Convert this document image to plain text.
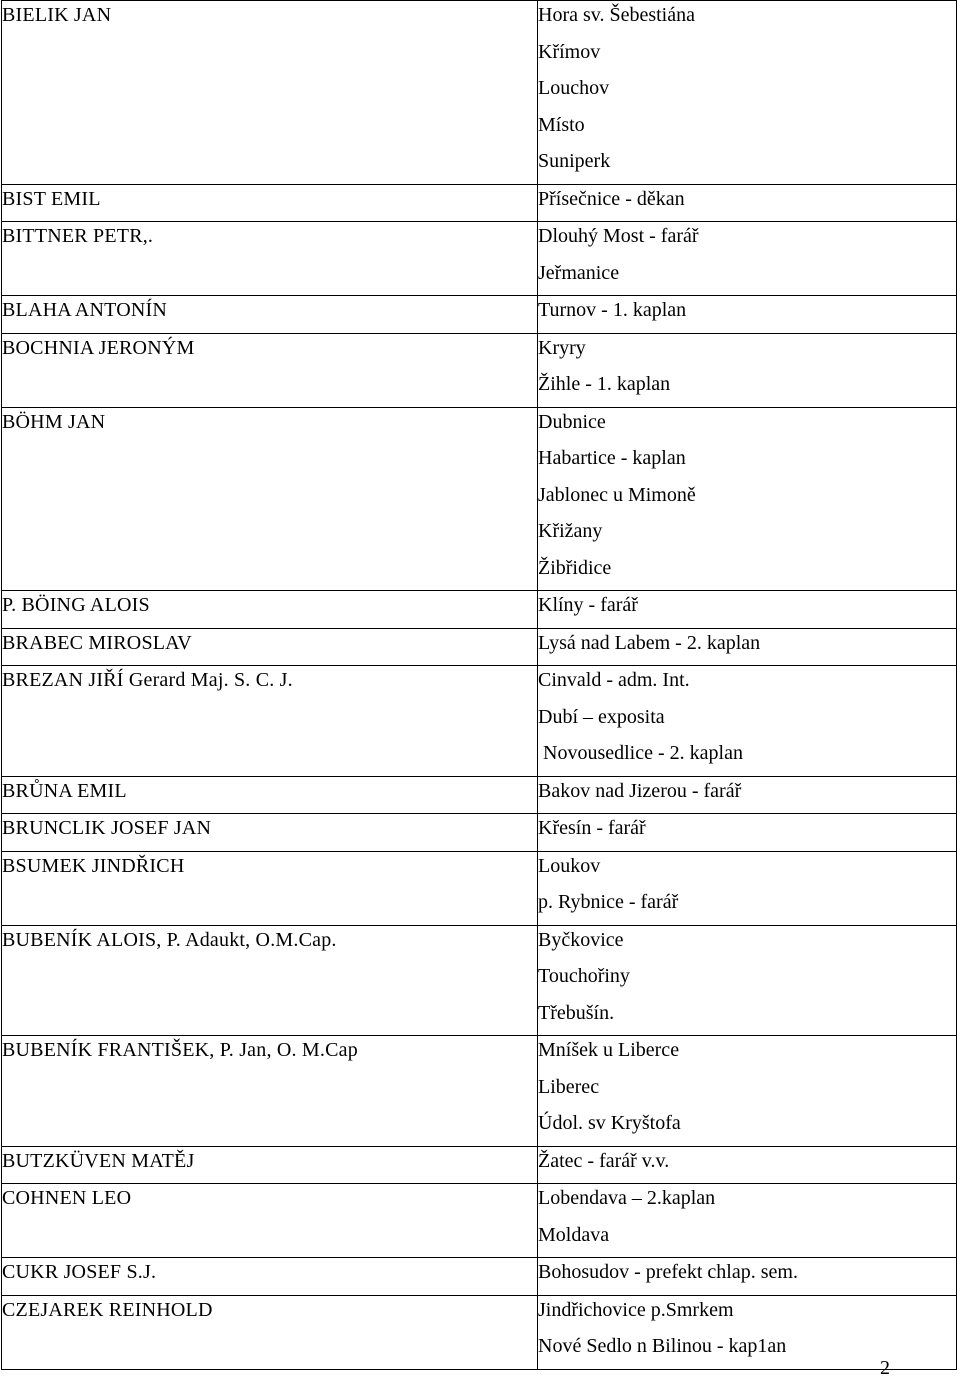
BIELIK JAN	Hora sv. Šebestiána
Křímov
Louchov
Místo
Suniperk

BIST EMIL	Přísečnice - děkan

BITTNER PETR,.	Dlouhý Most - farář
Jeřmanice

BLAHA ANTONÍN	Turnov - 1. kaplan

BOCHNIA JERONÝM	Kryry
Žihle - 1. kaplan

BÖHM JAN	Dubnice
Habartice - kaplan
Jablonec u Mimoně
Křižany
Žibřidice

P. BÖING ALOIS	Klíny - farář

BRABEC MIROSLAV	Lysá nad Labem - 2. kaplan

BREZAN JIŘÍ Gerard Maj. S. C. J.	Cinvald - adm. Int.
Dubí – exposita
Novousedlice - 2. kaplan

BRŮNA EMIL	Bakov nad Jizerou - farář

BRUNCLIK JOSEF JAN	Křesín - farář

BSUMEK JINDŘICH	Loukov
p. Rybnice - farář

BUBENÍK ALOIS, P. Adaukt, O.M.Cap.	Byčkovice
Touchořiny
Třebušín.

BUBENÍK FRANTIŠEK, P. Jan, O. M.Cap	Mníšek u Liberce
Liberec
Údol. sv Kryštofa

BUTZKÜVEN MATĚJ	Žatec - farář v.v.

COHNEN LEO	Lobendava – 2.kaplan
Moldava

CUKR JOSEF S.J.	Bohosudov - prefekt chlap. sem.

CZEJAREK REINHOLD	Jindřichovice p.Smrkem
Nové Sedlo n Bilinou - kap1an
2
